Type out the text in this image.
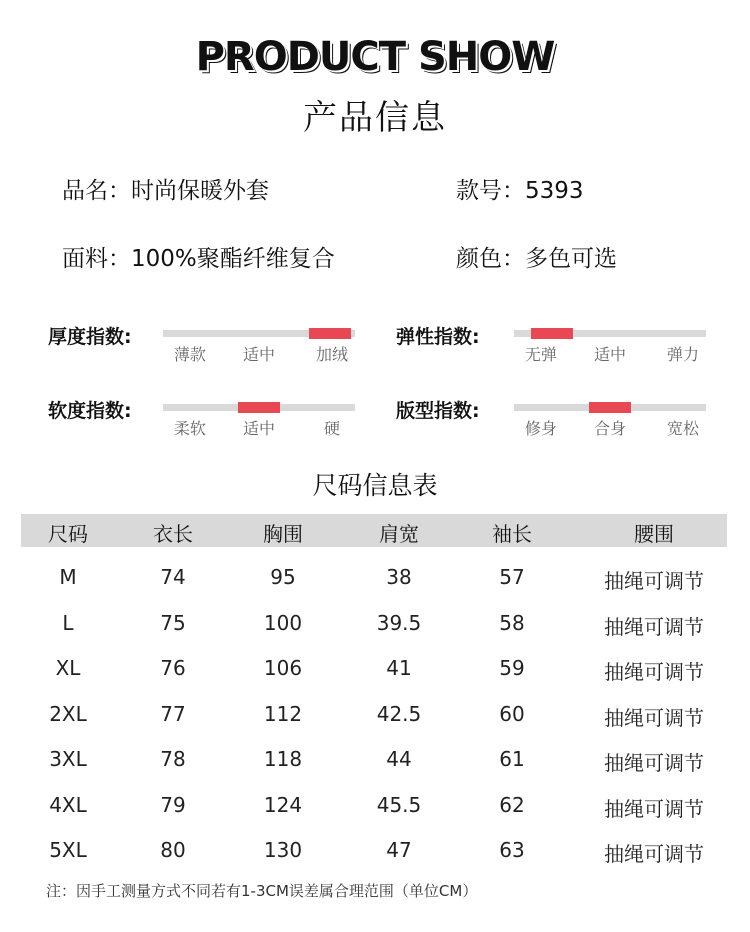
PRODUCT SHOW
产品信息
品名：时尚保暖外套	款号：5393
面料：100%聚酯纤维复合	颜色：多色可选
厚度指数:
薄款 适中	加绒
弹性指数:
无弹 适中	弹力
软度指数:
柔软 适中	硬
版型指数:
修身 合身	宽松
尺码信息表
尺码	衣长	胸围	肩宽	袖长	腰围
M	74	95	38	57	抽绳可调节
L	75	100	39.5	58	抽绳可调节
XL	76	106	41	59	抽绳可调节
2XL	77	112	42.5	60	抽绳可调节
3XL	78	118	44	61	抽绳可调节
4XL	79	124	45.5	62	抽绳可调节
5XL	80	130	47	63	抽绳可调节
注：因手工测量方式不同若有1-3CM误差属合理范围（单位CM）
